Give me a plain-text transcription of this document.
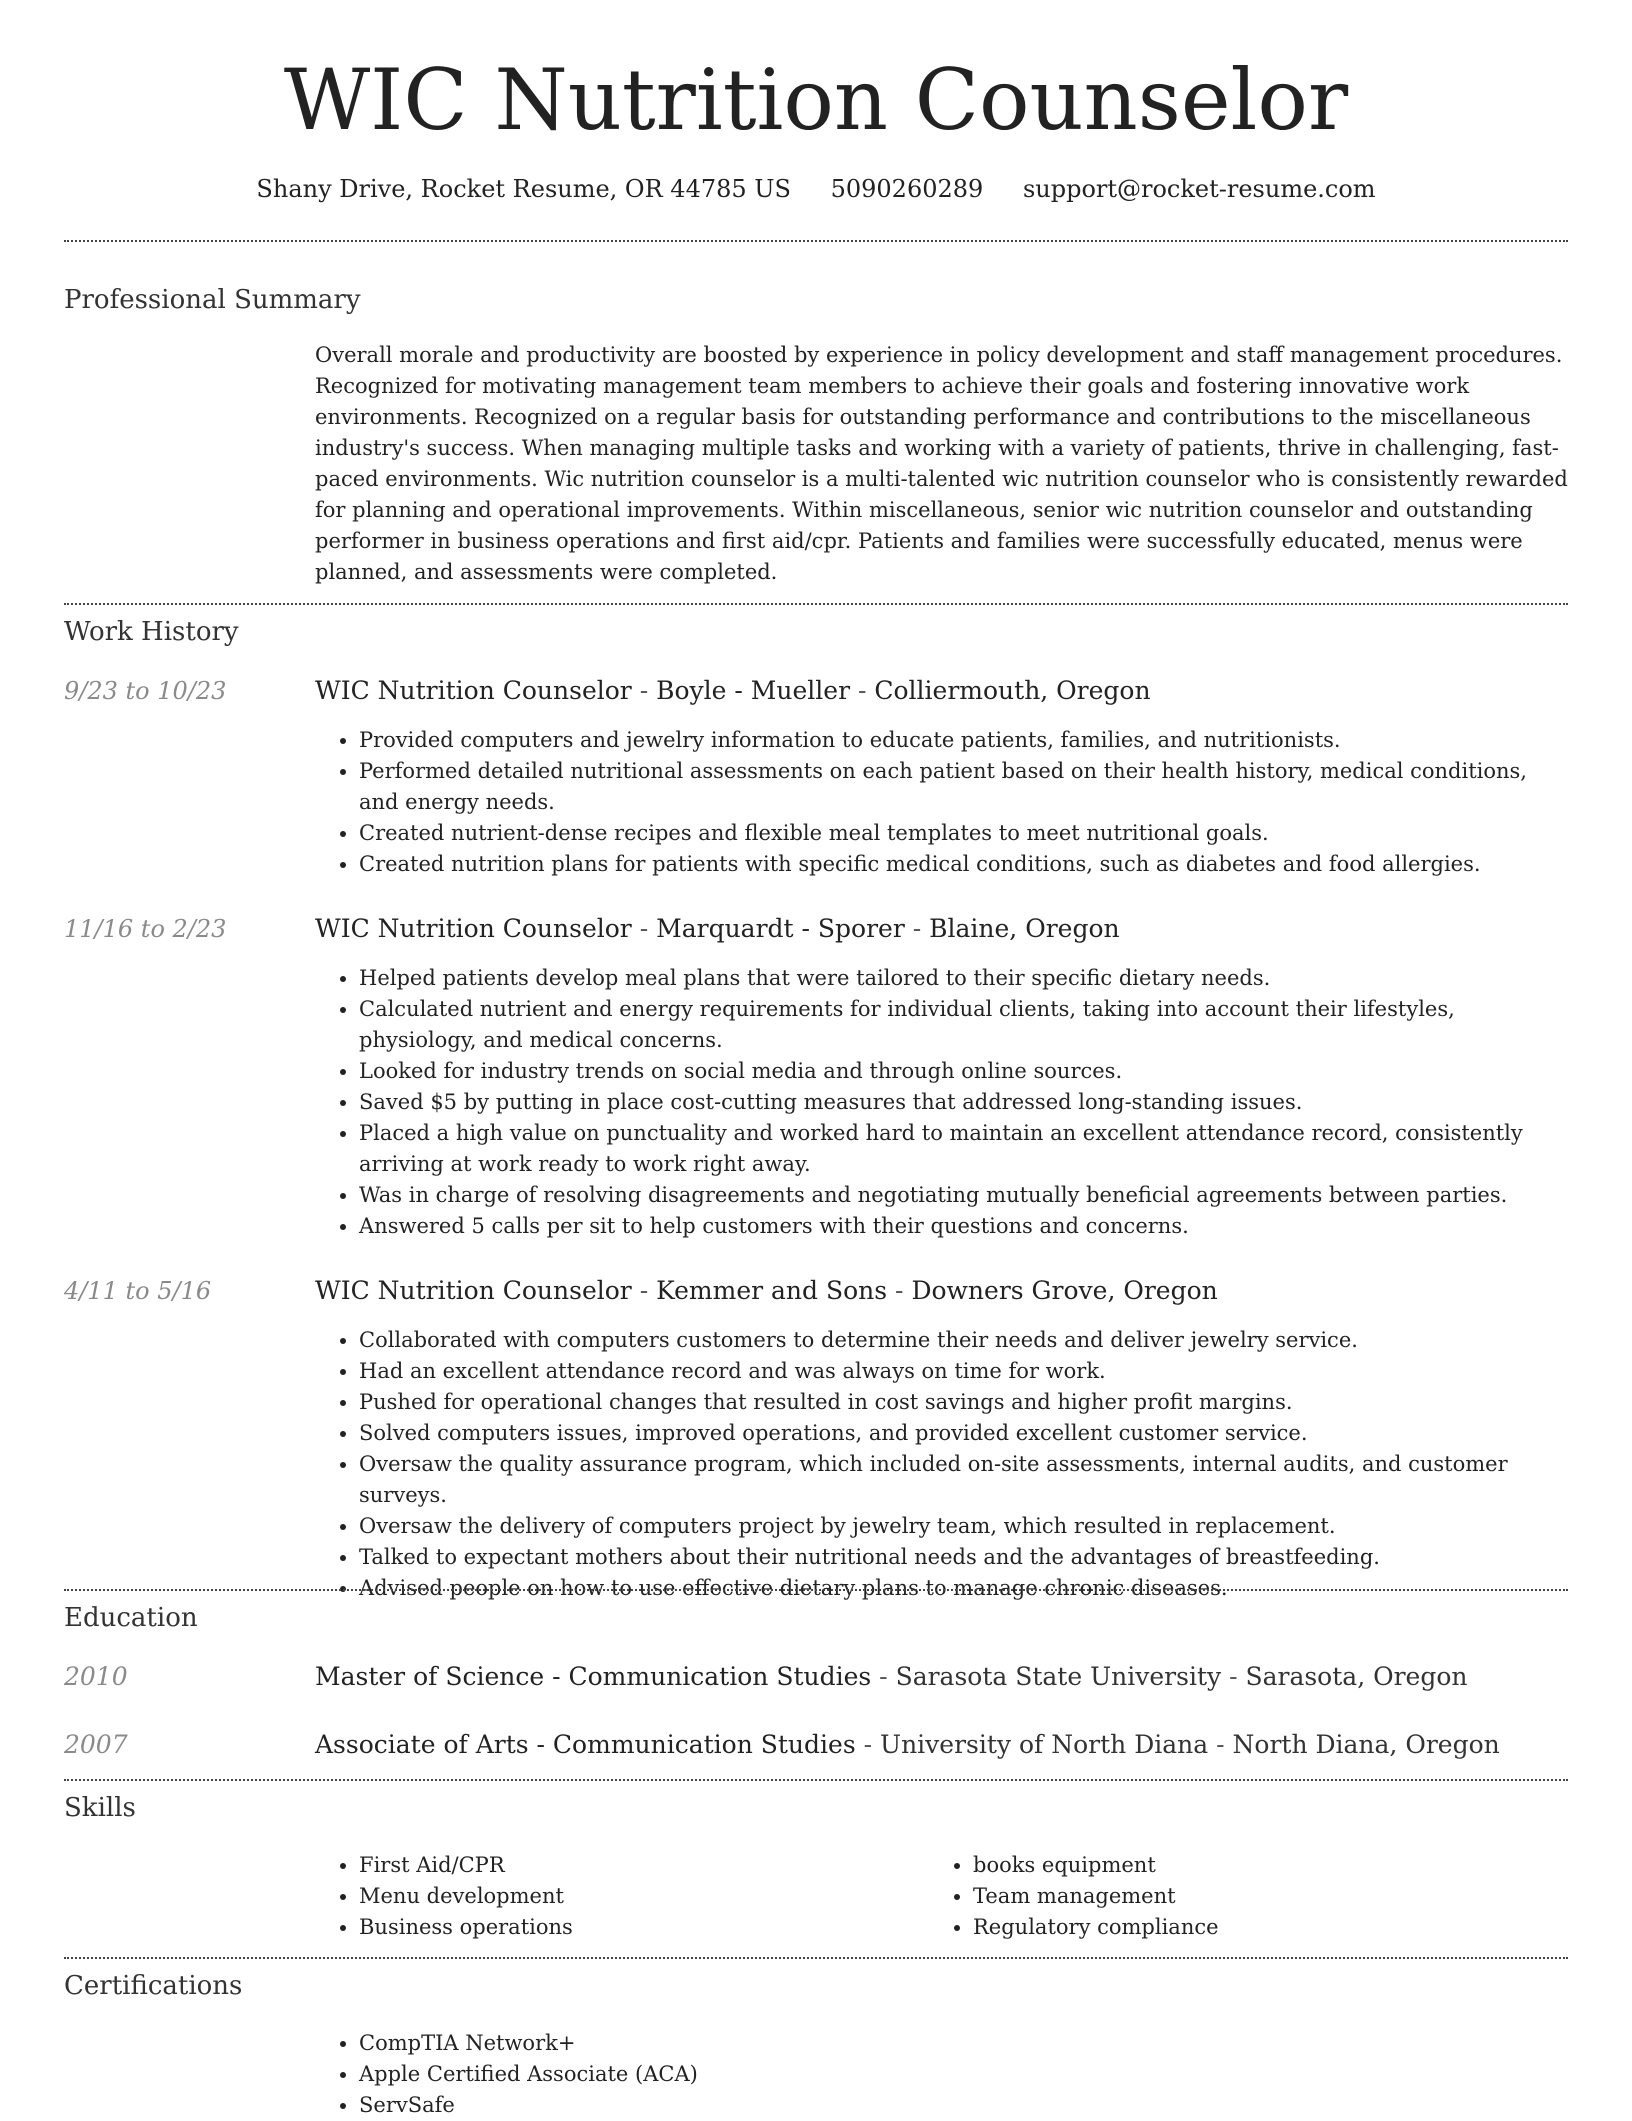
WIC Nutrition Counselor
Shany Drive, Rocket Resume, OR 44785 US 5090260289 support@rocket-resume.com
Professional Summary
Overall morale and productivity are boosted by experience in policy development and staff management procedures. Recognized for motivating management team members to achieve their goals and fostering innovative work environments. Recognized on a regular basis for outstanding performance and contributions to the miscellaneous industry's success. When managing multiple tasks and working with a variety of patients, thrive in challenging, fast-paced environments. Wic nutrition counselor is a multi-talented wic nutrition counselor who is consistently rewarded for planning and operational improvements. Within miscellaneous, senior wic nutrition counselor and outstanding performer in business operations and first aid/cpr. Patients and families were successfully educated, menus were planned, and assessments were completed.
Work History
9/23 to 10/23	WIC Nutrition Counselor - Boyle - Mueller - Colliermouth, Oregon
• Provided computers and jewelry information to educate patients, families, and nutritionists.
• Performed detailed nutritional assessments on each patient based on their health history, medical conditions, and energy needs.
• Created nutrient-dense recipes and flexible meal templates to meet nutritional goals.
• Created nutrition plans for patients with specific medical conditions, such as diabetes and food allergies.
11/16 to 2/23	WIC Nutrition Counselor - Marquardt - Sporer - Blaine, Oregon
• Helped patients develop meal plans that were tailored to their specific dietary needs.
• Calculated nutrient and energy requirements for individual clients, taking into account their lifestyles, physiology, and medical concerns.
• Looked for industry trends on social media and through online sources.
• Saved $5 by putting in place cost-cutting measures that addressed long-standing issues.
• Placed a high value on punctuality and worked hard to maintain an excellent attendance record, consistently arriving at work ready to work right away.
• Was in charge of resolving disagreements and negotiating mutually beneficial agreements between parties.
• Answered 5 calls per sit to help customers with their questions and concerns.
4/11 to 5/16	WIC Nutrition Counselor - Kemmer and Sons - Downers Grove, Oregon
• Collaborated with computers customers to determine their needs and deliver jewelry service.
• Had an excellent attendance record and was always on time for work.
• Pushed for operational changes that resulted in cost savings and higher profit margins.
• Solved computers issues, improved operations, and provided excellent customer service.
• Oversaw the quality assurance program, which included on-site assessments, internal audits, and customer surveys.
• Oversaw the delivery of computers project by jewelry team, which resulted in replacement.
• Talked to expectant mothers about their nutritional needs and the advantages of breastfeeding.
• Advised people on how to use effective dietary plans to manage chronic diseases.
Education
2010	Master of Science - Communication Studies - Sarasota State University - Sarasota, Oregon
2007	Associate of Arts - Communication Studies - University of North Diana - North Diana, Oregon
Skills
• First Aid/CPR
• Menu development
• Business operations
• books equipment
• Team management
• Regulatory compliance
Certifications
• CompTIA Network+
• Apple Certified Associate (ACA)
• ServSafe
